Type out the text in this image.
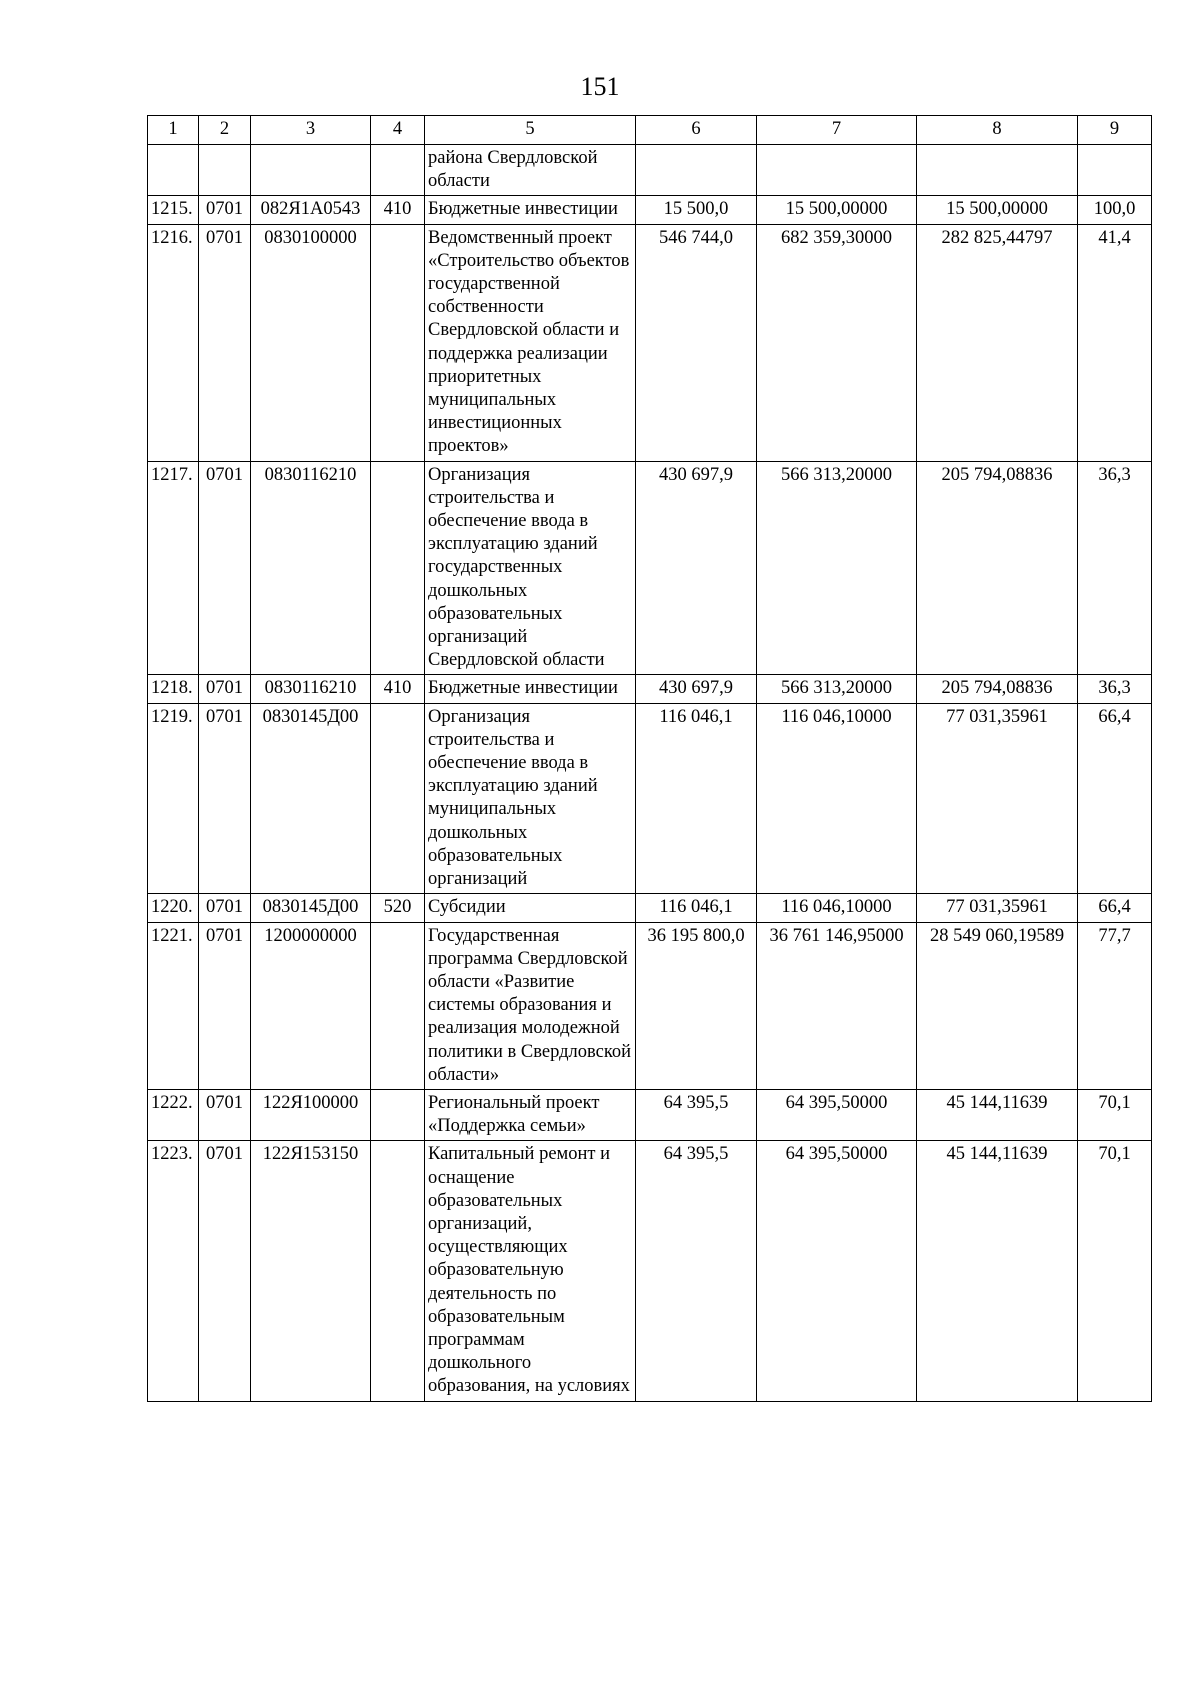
151
1	2	3	4	5	6	7	8	9
				района Свердловской области				
1215.	0701	082Я1А0543	410	Бюджетные инвестиции	15 500,0	15 500,00000	15 500,00000	100,0
1216.	0701	0830100000		Ведомственный проект «Строительство объектов государственной собственности Свердловской области и поддержка реализации приоритетных муниципальных инвестиционных проектов»	546 744,0	682 359,30000	282 825,44797	41,4
1217.	0701	0830116210		Организация строительства и обеспечение ввода в эксплуатацию зданий государственных дошкольных образовательных организаций Свердловской области	430 697,9	566 313,20000	205 794,08836	36,3
1218.	0701	0830116210	410	Бюджетные инвестиции	430 697,9	566 313,20000	205 794,08836	36,3
1219.	0701	0830145Д00		Организация строительства и обеспечение ввода в эксплуатацию зданий муниципальных дошкольных образовательных организаций	116 046,1	116 046,10000	77 031,35961	66,4
1220.	0701	0830145Д00	520	Субсидии	116 046,1	116 046,10000	77 031,35961	66,4
1221.	0701	1200000000		Государственная программа Свердловской области «Развитие системы образования и реализация молодежной политики в Свердловской области»	36 195 800,0	36 761 146,95000	28 549 060,19589	77,7
1222.	0701	122Я100000		Региональный проект «Поддержка семьи»	64 395,5	64 395,50000	45 144,11639	70,1
1223.	0701	122Я153150		Капитальный ремонт и оснащение образовательных организаций, осуществляющих образовательную деятельность по образовательным программам дошкольного образования, на условиях	64 395,5	64 395,50000	45 144,11639	70,1
